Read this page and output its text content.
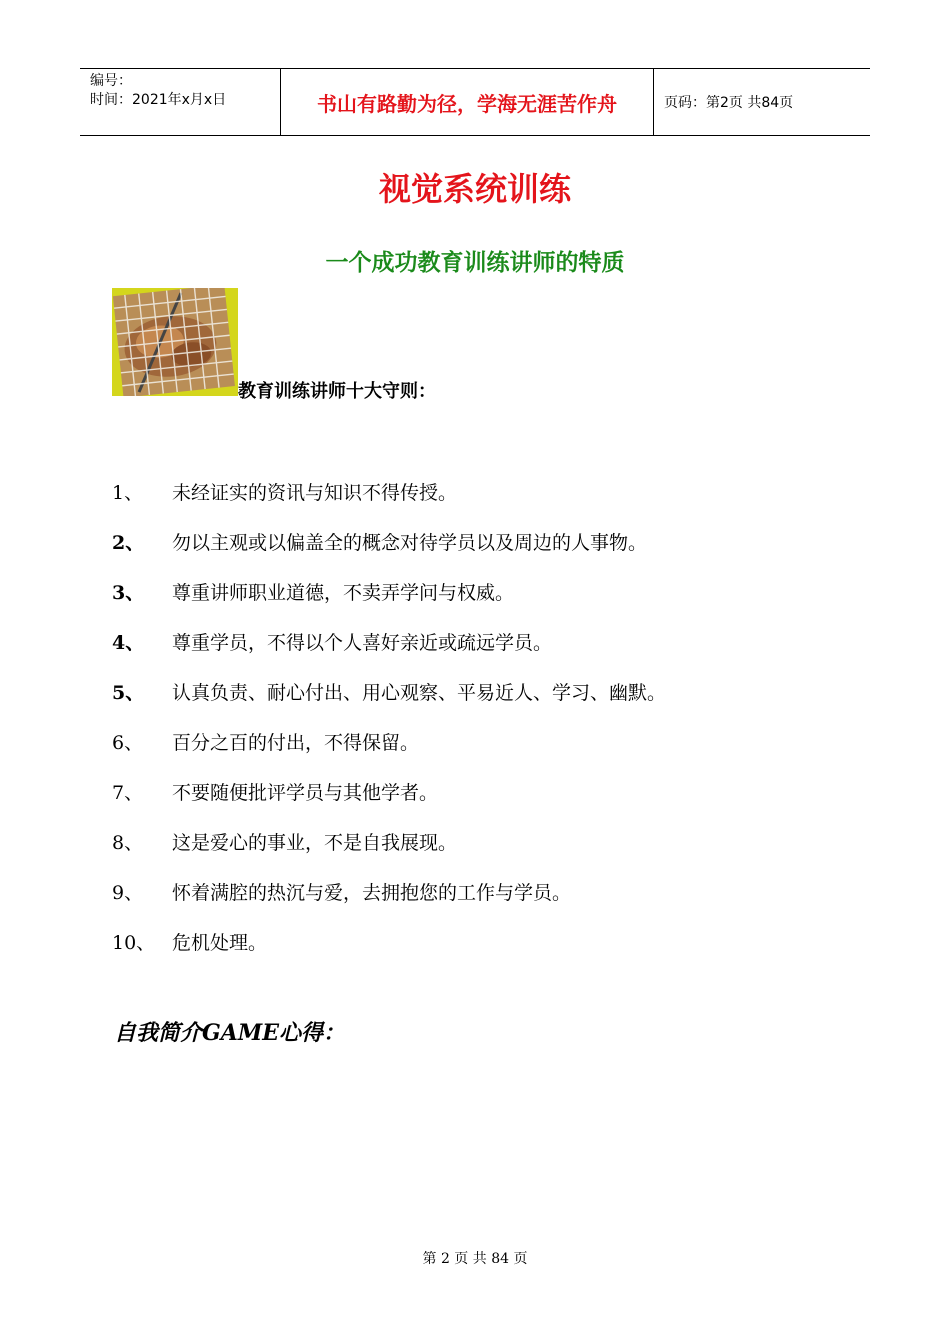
编号：
时间：2021年x月x日	书山有路勤为径，学海无涯苦作舟	页码：第2页 共84页
视觉系统训练
一个成功教育训练讲师的特质
教育训练讲师十大守则：
1、	未经证实的资讯与知识不得传授。
2、	勿以主观或以偏盖全的概念对待学员以及周边的人事物。
3、	尊重讲师职业道德，不卖弄学问与权威。
4、	尊重学员，不得以个人喜好亲近或疏远学员。
5、	认真负责、耐心付出、用心观察、平易近人、学习、幽默。
6、	百分之百的付出，不得保留。
7、	不要随便批评学员与其他学者。
8、	这是爱心的事业，不是自我展现。
9、	怀着满腔的热沉与爱，去拥抱您的工作与学员。
10、 危机处理。
自我简介GAME心得：
第 2 页 共 84 页
